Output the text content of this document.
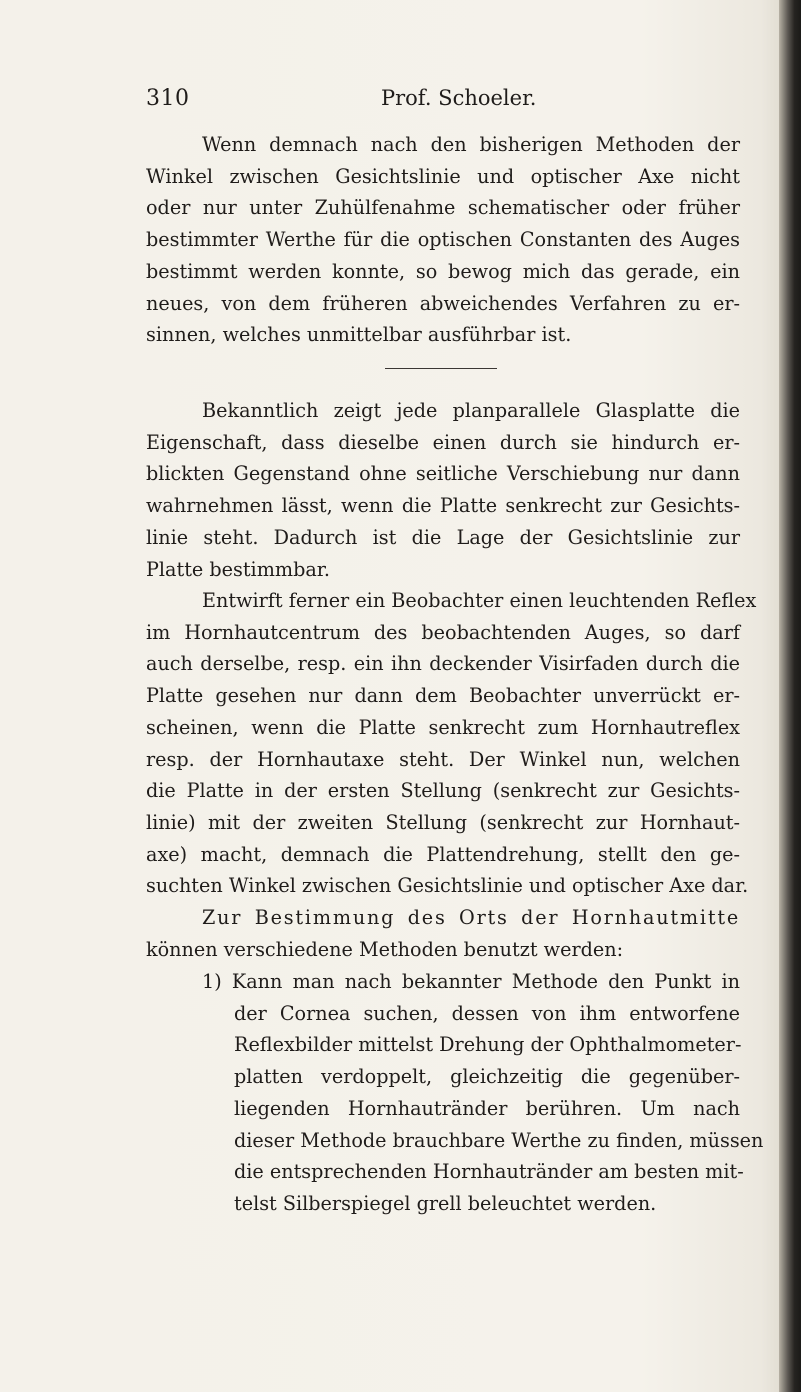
310	Prof. Schoeler.
Wenn demnach nach den bisherigen Methoden der
Winkel zwischen Gesichtslinie und optischer Axe nicht
oder nur unter Zuhülfenahme schematischer oder früher
bestimmter Werthe für die optischen Constanten des Auges
bestimmt werden konnte, so bewog mich das gerade, ein
neues, von dem früheren abweichendes Verfahren zu er-
sinnen, welches unmittelbar ausführbar ist.
Bekanntlich zeigt jede planparallele Glasplatte die
Eigenschaft, dass dieselbe einen durch sie hindurch er-
blickten Gegenstand ohne seitliche Verschiebung nur dann
wahrnehmen lässt, wenn die Platte senkrecht zur Gesichts-
linie steht. Dadurch ist die Lage der Gesichtslinie zur
Platte bestimmbar.
Entwirft ferner ein Beobachter einen leuchtenden Reflex
im Hornhautcentrum des beobachtenden Auges, so darf
auch derselbe, resp. ein ihn deckender Visirfaden durch die
Platte gesehen nur dann dem Beobachter unverrückt er-
scheinen, wenn die Platte senkrecht zum Hornhautreflex
resp. der Hornhautaxe steht. Der Winkel nun, welchen
die Platte in der ersten Stellung (senkrecht zur Gesichts-
linie) mit der zweiten Stellung (senkrecht zur Hornhaut-
axe) macht, demnach die Plattendrehung, stellt den ge-
suchten Winkel zwischen Gesichtslinie und optischer Axe dar.
Zur Bestimmung des Orts der Hornhautmitte
können verschiedene Methoden benutzt werden:
1) Kann man nach bekannter Methode den Punkt in
der Cornea suchen, dessen von ihm entworfene
Reflexbilder mittelst Drehung der Ophthalmometer-
platten verdoppelt, gleichzeitig die gegenüber-
liegenden Hornhautränder berühren. Um nach
dieser Methode brauchbare Werthe zu finden, müssen
die entsprechenden Hornhautränder am besten mit-
telst Silberspiegel grell beleuchtet werden.
